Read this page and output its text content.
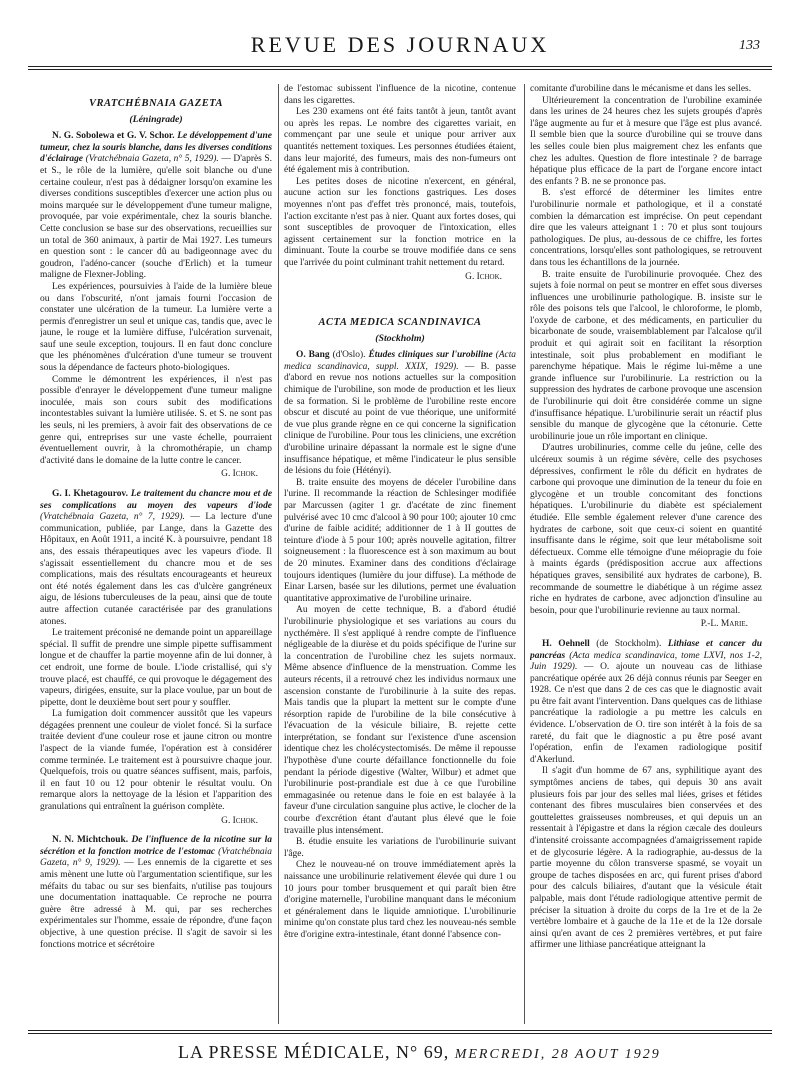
REVUE DES JOURNAUX	133

VRATCHÉBNAIA GAZETA

(Léningrade)

N. G. Sobolewa et G. V. Schor. Le développement d'une tumeur, chez la souris blanche, dans les diverses conditions d'éclairage (Vratchébnaia Gazeta, n° 5, 1929). — D'après S. et S., le rôle de la lumière, qu'elle soit blanche ou d'une certaine couleur, n'est pas à dédaigner lorsqu'on examine les diverses conditions susceptibles d'exercer une action plus ou moins marquée sur le développement d'une tumeur maligne, provoquée, par voie expérimentale, chez la souris blanche. Cette conclusion se base sur des observations, recueillies sur un total de 360 animaux, à partir de Mai 1927. Les tumeurs en question sont : le cancer dû au badigeonnage avec du goudron, l'adéno-cancer (souche d'Erlich) et la tumeur maligne de Flexner-Jobling.

Les expériences, poursuivies à l'aide de la lumière bleue ou dans l'obscurité, n'ont jamais fourni l'occasion de constater une ulcération de la tumeur. La lumière verte a permis d'enregistrer un seul et unique cas, tandis que, avec le jaune, le rouge et la lumière diffuse, l'ulcération survenait, sauf une seule exception, toujours. Il en faut donc conclure que les phénomènes d'ulcération d'une tumeur se trouvent sous la dépendance de facteurs photo-biologiques.

Comme le démontrent les expériences, il n'est pas possible d'enrayer le développement d'une tumeur maligne inoculée, mais son cours subit des modifications incontestables suivant la lumière utilisée. S. et S. ne sont pas les seuls, ni les premiers, à avoir fait des observations de ce genre qui, entreprises sur une vaste échelle, pourraient éventuellement ouvrir, à la chromothérapie, un champ d'activité dans le domaine de la lutte contre le cancer.

G. Ichok.

G. I. Khetagourov. Le traitement du chancre mou et de ses complications au moyen des vapeurs d'iode (Vratchébnaia Gazeta, n° 7, 1929). — La lecture d'une communication, publiée, par Lange, dans la Gazette des Hôpitaux, en Août 1911, a incité K. à poursuivre, pendant 18 ans, des essais thérapeutiques avec les vapeurs d'iode. Il s'agissait essentiellement du chancre mou et de ses complications, mais des résultats encourageants et heureux ont été notés également dans les cas d'ulcère gangréneux aigu, de lésions tuberculeuses de la peau, ainsi que de toute autre affection cutanée caractérisée par des granulations atones.

Le traitement préconisé ne demande point un appareillage spécial. Il suffit de prendre une simple pipette suffisamment longue et de chauffer la partie moyenne afin de lui donner, à cet endroit, une forme de boule. L'iode cristallisé, qui s'y trouve placé, est chauffé, ce qui provoque le dégagement des vapeurs, dirigées, ensuite, sur la place voulue, par un bout de pipette, dont le deuxième bout sert pour y souffler.

La fumigation doit commencer aussitôt que les vapeurs dégagées prennent une couleur de violet foncé. Si la surface traitée devient d'une couleur rose et jaune citron ou montre l'aspect de la viande fumée, l'opération est à considérer comme terminée. Le traitement est à poursuivre chaque jour. Quelquefois, trois ou quatre séances suffisent, mais, parfois, il en faut 10 ou 12 pour obtenir le résultat voulu. On remarque alors la nettoyage de la lésion et l'apparition des granulations qui entraînent la guérison complète.

G. Ichok.

N. N. Michtchouk. De l'influence de la nicotine sur la sécrétion et la fonction motrice de l'estomac (Vratchébnaia Gazeta, n° 9, 1929). — Les ennemis de la cigarette et ses amis mènent une lutte où l'argumentation scientifique, sur les méfaits du tabac ou sur ses bienfaits, n'utilise pas toujours une documentation inattaquable. Ce reproche ne pourra guère être adressé à M. qui, par ses recherches expérimentales sur l'homme, essaie de répondre, d'une façon objective, à une question précise. Il s'agit de savoir si les fonctions motrice et sécrétoire

de l'estomac subissent l'influence de la nicotine, contenue dans les cigarettes.

Les 230 examens ont été faits tantôt à jeun, tantôt avant ou après les repas. Le nombre des cigarettes variait, en commençant par une seule et unique pour arriver aux quantités nettement toxiques. Les personnes étudiées étaient, dans leur majorité, des fumeurs, mais des non-fumeurs ont été également mis à contribution.

Les petites doses de nicotine n'exercent, en général, aucune action sur les fonctions gastriques. Les doses moyennes n'ont pas d'effet très prononcé, mais, toutefois, l'action excitante n'est pas à nier. Quant aux fortes doses, qui sont susceptibles de provoquer de l'intoxication, elles agissent certainement sur la fonction motrice en la diminuant. Toute la courbe se trouve modifiée dans ce sens que l'arrivée du point culminant trahit nettement du retard.

G. Ichok.

ACTA MEDICA SCANDINAVICA

(Stockholm)

O. Bang (d'Oslo). Études cliniques sur l'urobiline (Acta medica scandinavica, suppl. XXIX, 1929). — B. passe d'abord en revue nos notions actuelles sur la composition chimique de l'urobiline, son mode de production et les lieux de sa formation. Si le problème de l'urobiline reste encore obscur et discuté au point de vue théorique, une uniformité de vue plus grande règne en ce qui concerne la signification clinique de l'urobiline. Pour tous les cliniciens, une excrétion d'urobiline urinaire dépassant la normale est le signe d'une insuffisance hépatique, et même l'indicateur le plus sensible de lésions du foie (Hétényi).

B. traite ensuite des moyens de déceler l'urobiline dans l'urine. Il recommande la réaction de Schlesinger modifiée par Marcussen (agiter 1 gr. d'acétate de zinc finement pulvérisé avec 10 cmc d'alcool à 90 pour 100; ajouter 10 cmc d'urine de faible acidité; additionner de 1 à II gouttes de teinture d'iode à 5 pour 100; après nouvelle agitation, filtrer soigneusement : la fluorescence est à son maximum au bout de 20 minutes. Examiner dans des conditions d'éclairage toujours identiques (lumière du jour diffuse). La méthode de Einar Larsen, basée sur les dilutions, permet une évaluation quantitative approximative de l'urobiline urinaire.

Au moyen de cette technique, B. a d'abord étudié l'urobilinurie physiologique et ses variations au cours du nycthémère. Il s'est appliqué à rendre compte de l'influence négligeable de la diurèse et du poids spécifique de l'urine sur la concentration de l'urobiline chez les sujets normaux. Même absence d'influence de la menstruation. Comme les auteurs récents, il a retrouvé chez les individus normaux une ascension constante de l'urobilinurie à la suite des repas. Mais tandis que la plupart la mettent sur le compte d'une résorption rapide de l'urobiline de la bile consécutive à l'évacuation de la vésicule biliaire, B. rejette cette interprétation, se fondant sur l'existence d'une ascension identique chez les cholécystectomisés. De même il repousse l'hypothèse d'une courte défaillance fonctionnelle du foie pendant la période digestive (Walter, Wilbur) et admet que l'urobilinurie post-prandiale est due à ce que l'urobiline emmagasinée ou retenue dans le foie en est balayée à la faveur d'une circulation sanguine plus active, le clocher de la courbe d'excrétion étant d'autant plus élevé que le foie travaille plus intensément.

B. étudie ensuite les variations de l'urobilinurie suivant l'âge.

Chez le nouveau-né on trouve immédiatement après la naissance une urobilinurie relativement élevée qui dure 1 ou 10 jours pour tomber brusquement et qui paraît bien être d'origine maternelle, l'urobiline manquant dans le méconium et généralement dans le liquide amniotique. L'urobilinurie minime qu'on constate plus tard chez les nouveau-nés semble être d'origine extra-intestinale, étant donné l'absence con-

comitante d'urobiline dans le mécanisme et dans les selles.

Ultérieurement la concentration de l'urobiline examinée dans les urines de 24 heures chez les sujets groupés d'après l'âge augmente au fur et à mesure que l'âge est plus avancé. Il semble bien que la source d'urobiline qui se trouve dans les selles coule bien plus maigrement chez les enfants que chez les adultes. Question de flore intestinale ? de barrage hépatique plus efficace de la part de l'organe encore intact des enfants ? B. ne se prononce pas.

B. s'est efforcé de déterminer les limites entre l'urobilinurie normale et pathologique, et il a constaté combien la démarcation est imprécise. On peut cependant dire que les valeurs atteignant 1 : 70 et plus sont toujours pathologiques. De plus, au-dessous de ce chiffre, les fortes concentrations, lorsqu'elles sont pathologiques, se retrouvent dans tous les échantillons de la journée.

B. traite ensuite de l'urobilinurie provoquée. Chez des sujets à foie normal on peut se montrer en effet sous diverses influences une urobilinurie pathologique. B. insiste sur le rôle des poisons tels que l'alcool, le chloroforme, le plomb, l'oxyde de carbone, et des médicaments, en particulier du bicarbonate de soude, vraisemblablement par l'alcalose qu'il produit et qui agirait soit en facilitant la résorption intestinale, soit plus probablement en modifiant le parenchyme hépatique. Mais le régime lui-même a une grande influence sur l'urobilinurie. La restriction ou la suppression des hydrates de carbone provoque une ascension de l'urobilinurie qui doit être considérée comme un signe d'insuffisance hépatique. L'urobilinurie serait un réactif plus sensible du manque de glycogène que la cétonurie. Cette urobilinurie joue un rôle important en clinique.

D'autres urobilinuries, comme celle du jeûne, celle des ulcéreux soumis à un régime sévère, celle des psychoses dépressives, confirment le rôle du déficit en hydrates de carbone qui provoque une diminution de la teneur du foie en glycogène et un trouble concomitant des fonctions hépatiques. L'urobilinurie du diabète est spécialement étudiée. Elle semble également relever d'une carence des hydrates de carbone, soit que ceux-ci soient en quantité insuffisante dans le régime, soit que leur métabolisme soit défectueux. Comme elle témoigne d'une méiopragie du foie à maints égards (prédisposition accrue aux affections hépatiques graves, sensibilité aux hydrates de carbone), B. recommande de soumettre le diabétique à un régime assez riche en hydrates de carbone, avec adjonction d'insuline au besoin, pour que l'urobilinurie revienne au taux normal.

P.-L. Marie.

H. Oehnell (de Stockholm). Lithiase et cancer du pancréas (Acta medica scandinavica, tome LXVI, nos 1-2, Juin 1929). — O. ajoute un nouveau cas de lithiase pancréatique opérée aux 26 déjà connus réunis par Seeger en 1928. Ce n'est que dans 2 de ces cas que le diagnostic avait pu être fait avant l'intervention. Dans quelques cas de lithiase pancréatique la radiologie a pu mettre les calculs en évidence. L'observation de O. tire son intérêt à la fois de sa rareté, du fait que le diagnostic a pu être posé avant l'opération, enfin de l'examen radiologique positif d'Akerlund.

Il s'agit d'un homme de 67 ans, syphilitique ayant des symptômes anciens de tabes, qui depuis 30 ans avait plusieurs fois par jour des selles mal liées, grises et fétides contenant des fibres musculaires bien conservées et des gouttelettes graisseuses nombreuses, et qui depuis un an ressentait à l'épigastre et dans la région cæcale des douleurs d'intensité croissante accompagnées d'amaigrissement rapide et de glycosurie légère. A la radiographie, au-dessus de la partie moyenne du côlon transverse spasmé, se voyait un groupe de taches disposées en arc, qui furent prises d'abord pour des calculs biliaires, d'autant que la vésicule était palpable, mais dont l'étude radiologique attentive permit de préciser la situation à droite du corps de la 1re et de la 2e vertèbre lombaire et à gauche de la 11e et de la 12e dorsale ainsi qu'en avant de ces 2 premières vertèbres, et put faire affirmer une lithiase pancréatique atteignant la

LA PRESSE MÉDICALE, N° 69, MERCREDI, 28 AOUT 1929
